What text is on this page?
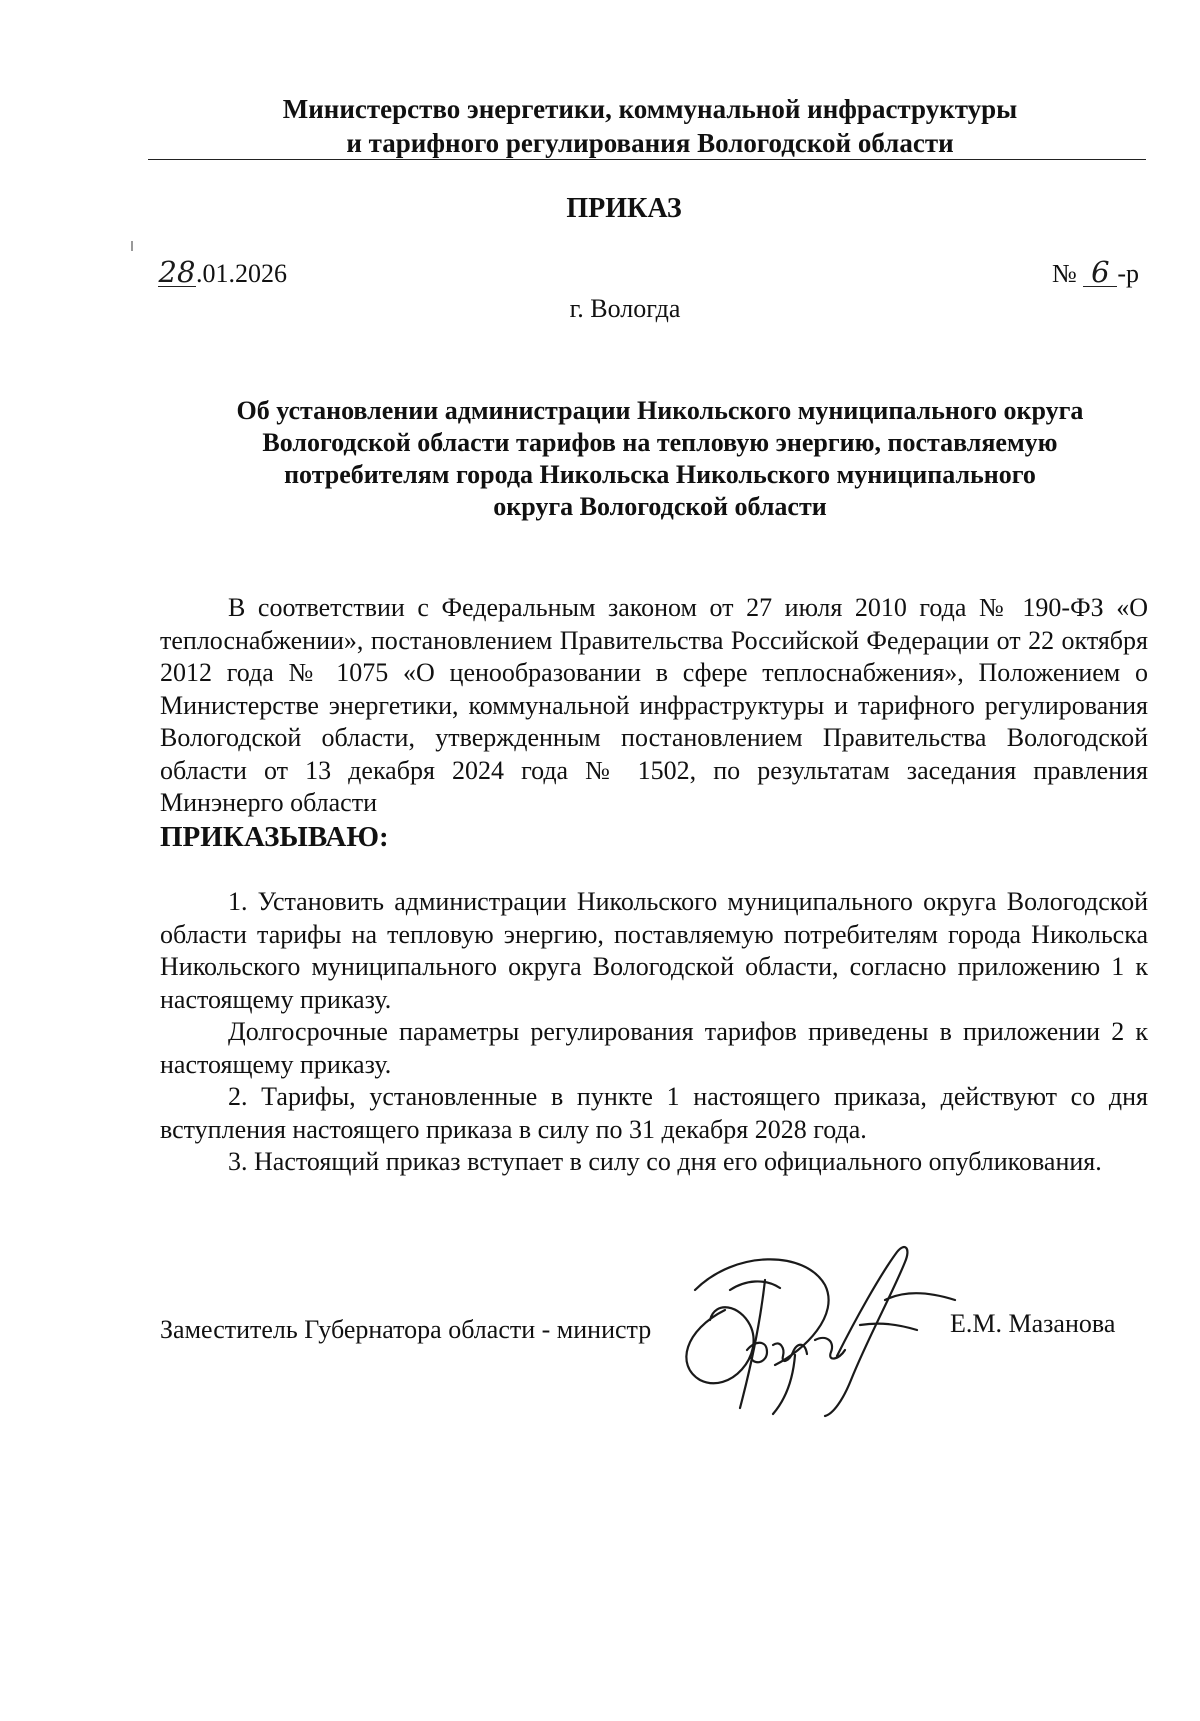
Министерство энергетики, коммунальной инфраструктуры
и тарифного регулирования Вологодской области
ПРИКАЗ
28.01.2026	№ 6 -р
г. Вологда
Об установлении администрации Никольского муниципального округа
Вологодской области тарифов на тепловую энергию, поставляемую
потребителям города Никольска Никольского муниципального
округа Вологодской области
В соответствии с Федеральным законом от 27 июля 2010 года № 190-ФЗ «О теплоснабжении», постановлением Правительства Российской Федерации от 22 октября 2012 года № 1075 «О ценообразовании в сфере теплоснабжения», Положением о Министерстве энергетики, коммунальной инфраструктуры и тарифного регулирования Вологодской области, утвержденным постановлением Правительства Вологодской области от 13 декабря 2024 года № 1502, по результатам заседания правления Минэнерго области
ПРИКАЗЫВАЮ:
1. Установить администрации Никольского муниципального округа Вологодской области тарифы на тепловую энергию, поставляемую потребителям города Никольска Никольского муниципального округа Вологодской области, согласно приложению 1 к настоящему приказу.
Долгосрочные параметры регулирования тарифов приведены в приложении 2 к настоящему приказу.
2. Тарифы, установленные в пункте 1 настоящего приказа, действуют со дня вступления настоящего приказа в силу по 31 декабря 2028 года.
3. Настоящий приказ вступает в силу со дня его официального опубликования.
Заместитель Губернатора области - министр	Е.М. Мазанова
